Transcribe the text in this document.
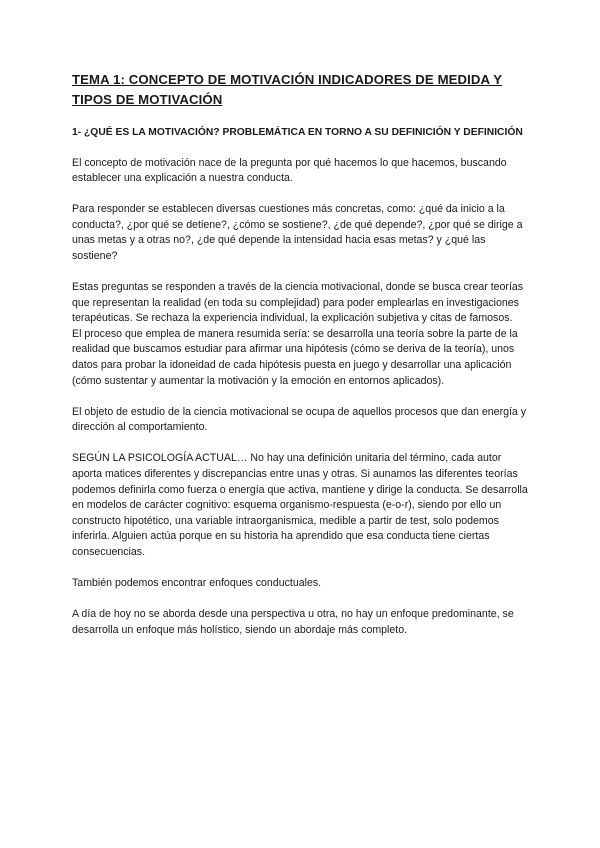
TEMA 1: CONCEPTO DE MOTIVACIÓN INDICADORES DE MEDIDA Y TIPOS DE MOTIVACIÓN
1- ¿QUÉ ES LA MOTIVACIÓN? PROBLEMÁTICA EN TORNO A SU DEFINICIÓN Y DEFINICIÓN

El concepto de motivación nace de la pregunta por qué hacemos lo que hacemos, buscando establecer una explicación a nuestra conducta.

Para responder se establecen diversas cuestiones más concretas, como: ¿qué da inicio a la conducta?, ¿por qué se detiene?, ¿cómo se sostiene?, ¿de qué depende?, ¿por qué se dirige a unas metas y a otras no?, ¿de qué depende la intensidad hacia esas metas? y ¿qué las sostiene?

Estas preguntas se responden a través de la ciencia motivacional, donde se busca crear teorías que representan la realidad (en toda su complejidad) para poder emplearlas en investigaciones terapéuticas. Se rechaza la experiencia individual, la explicación subjetiva y citas de famosos.

El proceso que emplea de manera resumida sería: se desarrolla una teoría sobre la parte de la realidad que buscamos estudiar para afirmar una hipótesis (cómo se deriva de la teoría), unos datos para probar la idoneidad de cada hipótesis puesta en juego y desarrollar una aplicación (cómo sustentar y aumentar la motivación y la emoción en entornos aplicados).

El objeto de estudio de la ciencia motivacional se ocupa de aquellos procesos que dan energía y dirección al comportamiento.

SEGÚN LA PSICOLOGÍA ACTUAL… No hay una definición unitaria del término, cada autor aporta matices diferentes y discrepancias entre unas y otras. Si aunamos las diferentes teorías podemos definirla como fuerza o energía que activa, mantiene y dirige la conducta. Se desarrolla en modelos de carácter cognitivo: esquema organismo-respuesta (e-o-r), siendo por ello un constructo hipotético, una variable intraorganismica, medible a partir de test, solo podemos inferirla. Alguien actúa porque en su historia ha aprendido que esa conducta tiene ciertas consecuencias.

También podemos encontrar enfoques conductuales.

A día de hoy no se aborda desde una perspectiva u otra, no hay un enfoque predominante, se desarrolla un enfoque más holístico, siendo un abordaje más completo.
